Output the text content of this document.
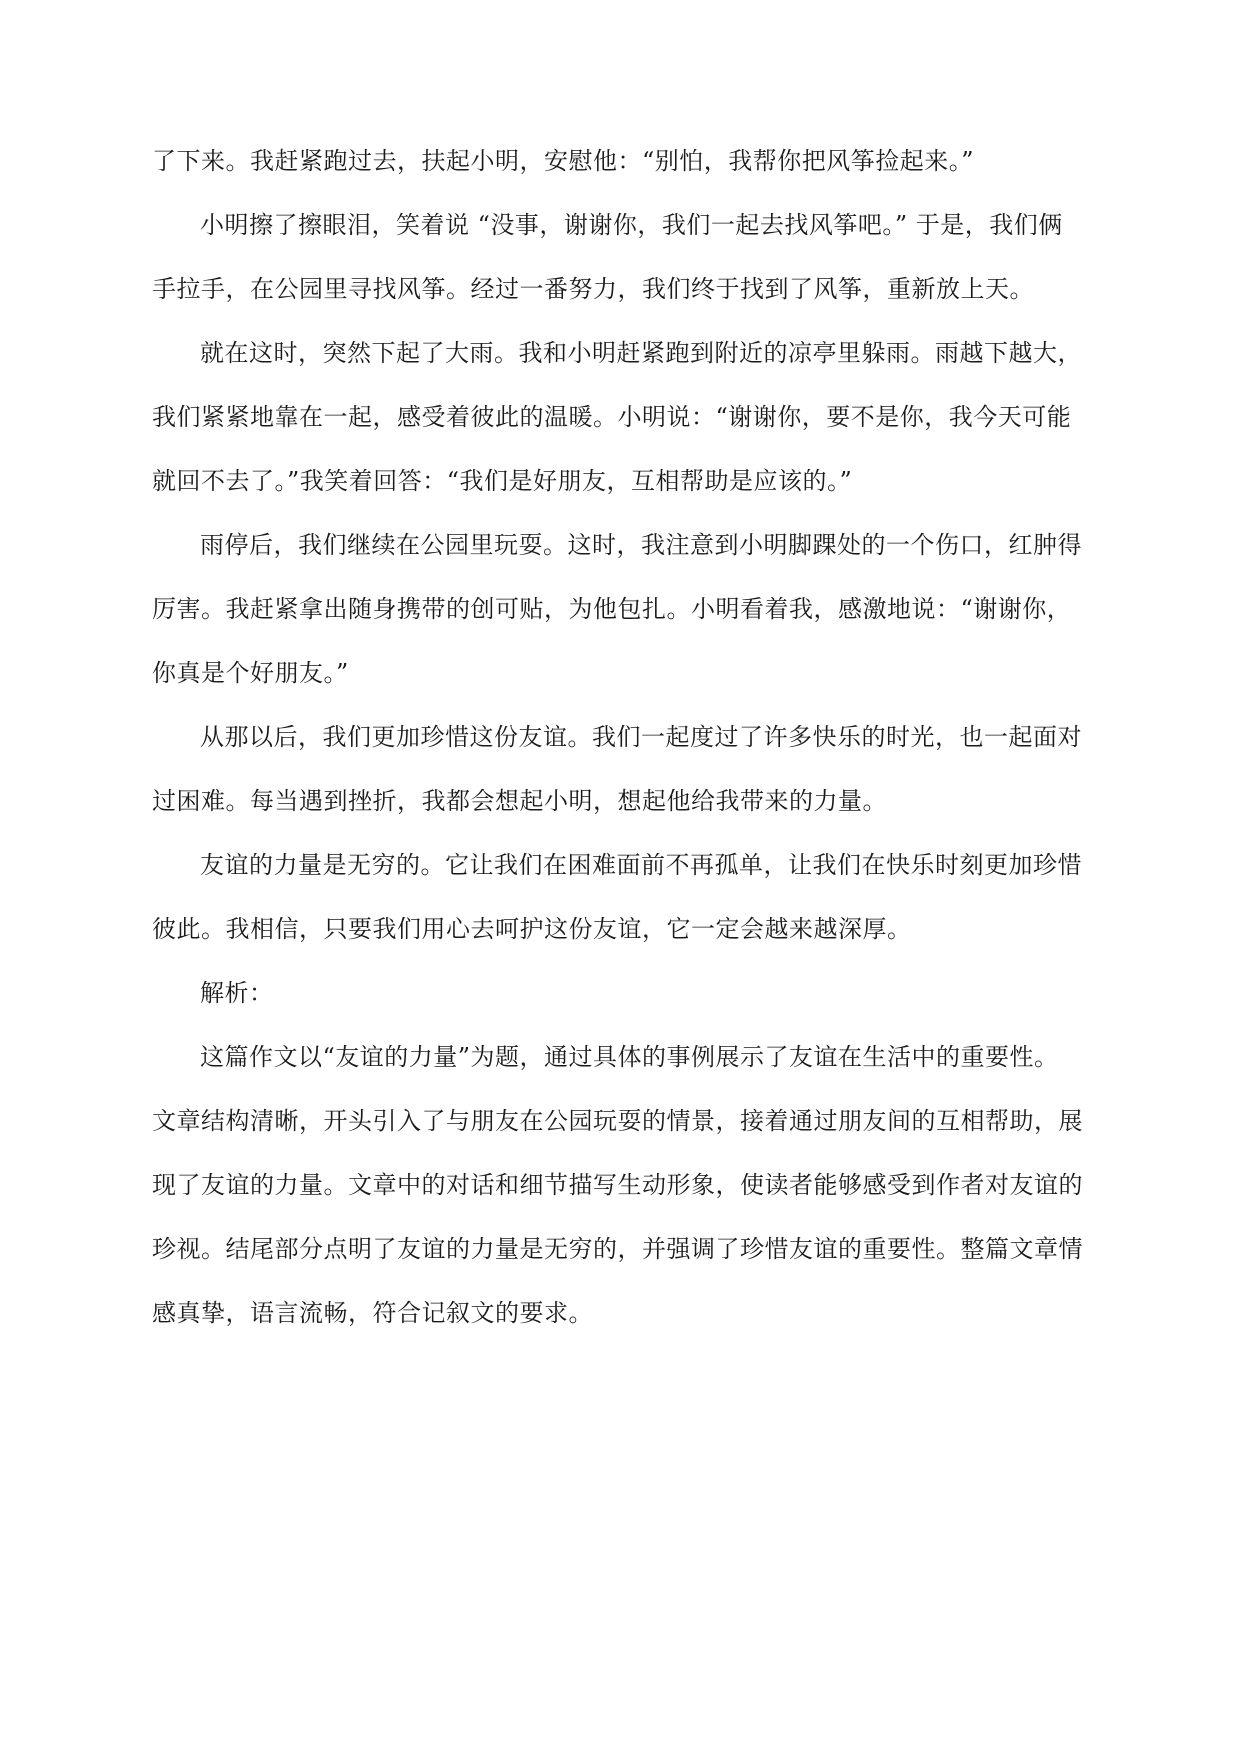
了下来。我赶紧跑过去，扶起小明，安慰他：“别怕，我帮你把风筝捡起来。”
小明擦了擦眼泪，笑着说 “没事，谢谢你，我们一起去找风筝吧。” 于是，我们俩
手拉手，在公园里寻找风筝。经过一番努力，我们终于找到了风筝，重新放上天。
就在这时，突然下起了大雨。我和小明赶紧跑到附近的凉亭里躲雨。雨越下越大，
我们紧紧地靠在一起，感受着彼此的温暖。小明说：“谢谢你，要不是你，我今天可能
就回不去了。”我笑着回答：“我们是好朋友，互相帮助是应该的。”
雨停后，我们继续在公园里玩耍。这时，我注意到小明脚踝处的一个伤口，红肿得
厉害。我赶紧拿出随身携带的创可贴，为他包扎。小明看着我，感激地说：“谢谢你，
你真是个好朋友。”
从那以后，我们更加珍惜这份友谊。我们一起度过了许多快乐的时光，也一起面对
过困难。每当遇到挫折，我都会想起小明，想起他给我带来的力量。
友谊的力量是无穷的。它让我们在困难面前不再孤单，让我们在快乐时刻更加珍惜
彼此。我相信，只要我们用心去呵护这份友谊，它一定会越来越深厚。
解析：
这篇作文以“友谊的力量”为题，通过具体的事例展示了友谊在生活中的重要性。
文章结构清晰，开头引入了与朋友在公园玩耍的情景，接着通过朋友间的互相帮助，展
现了友谊的力量。文章中的对话和细节描写生动形象，使读者能够感受到作者对友谊的
珍视。结尾部分点明了友谊的力量是无穷的，并强调了珍惜友谊的重要性。整篇文章情
感真挚，语言流畅，符合记叙文的要求。
